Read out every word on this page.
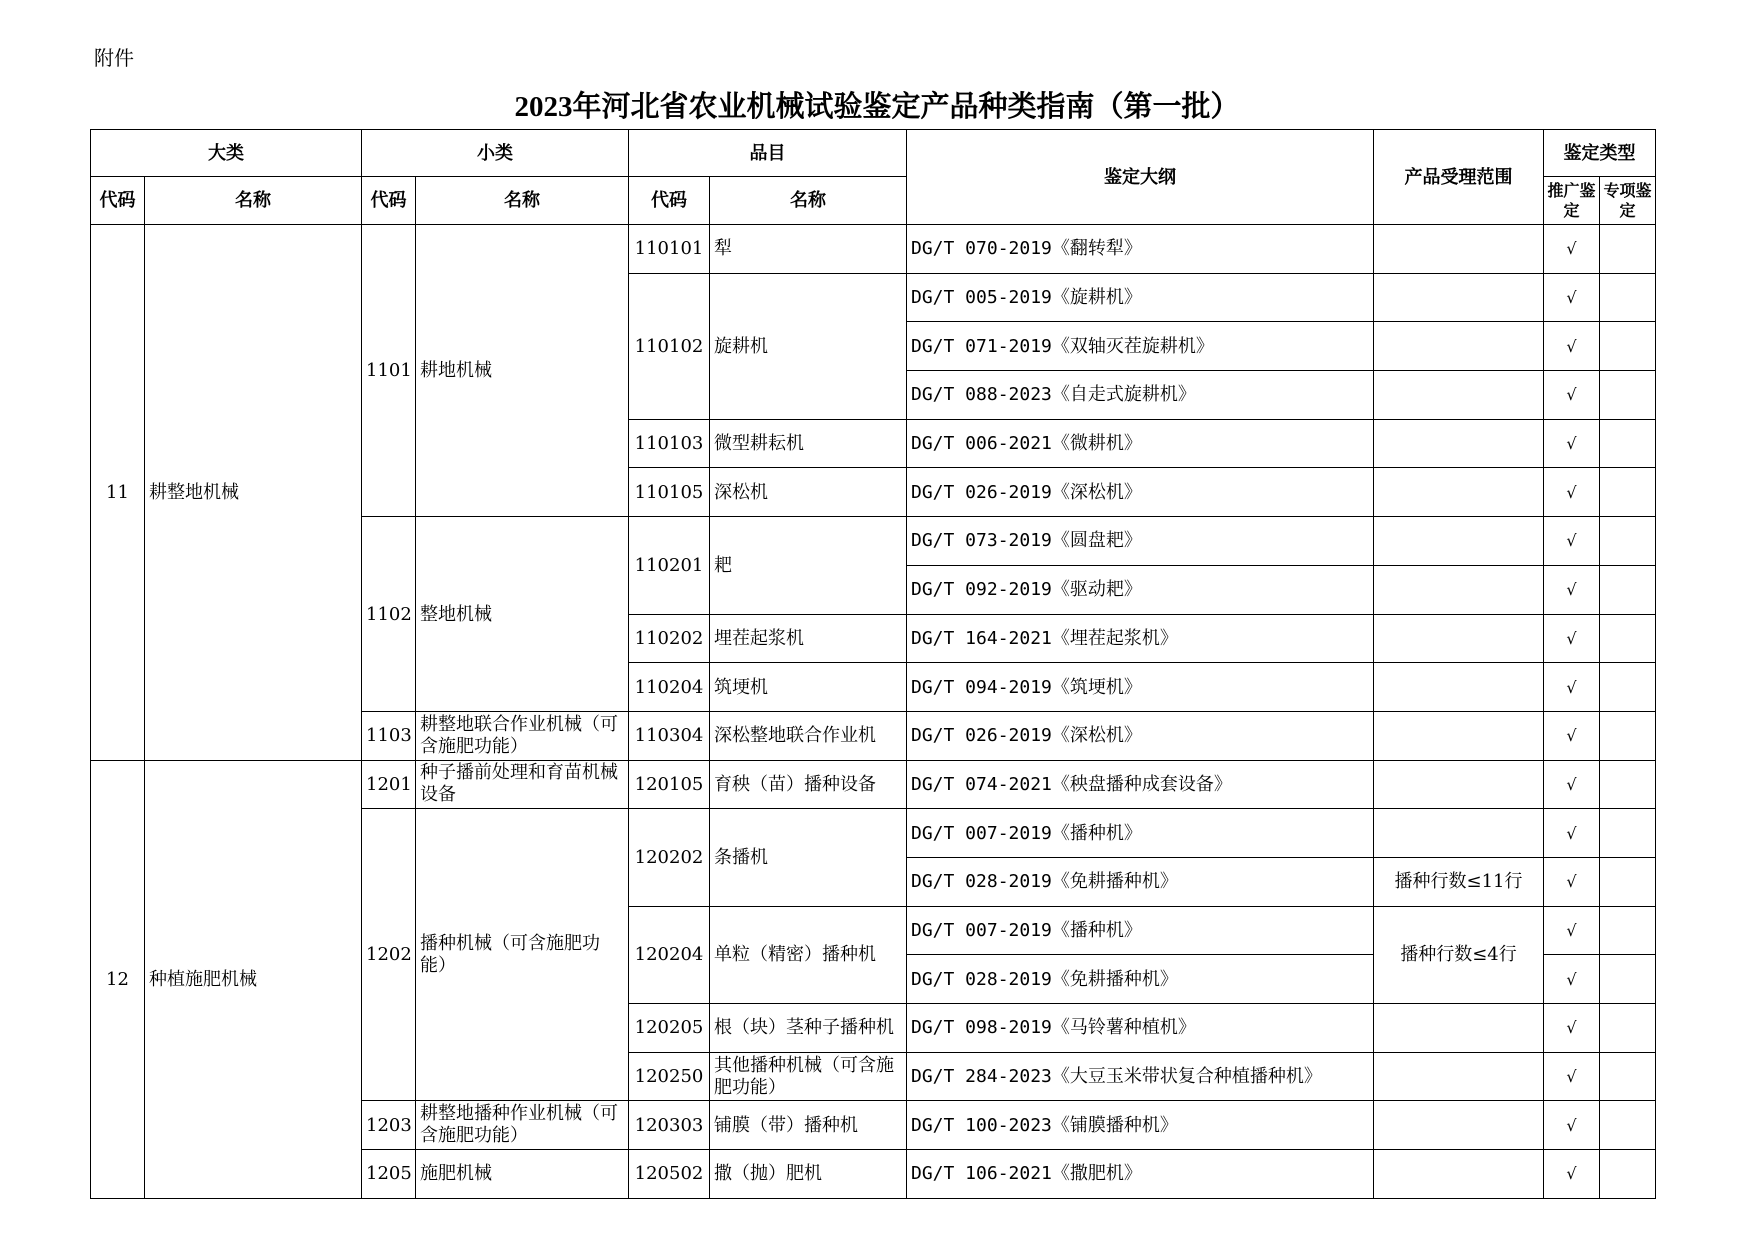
附件
2023年河北省农业机械试验鉴定产品种类指南（第一批）
大类		小类		品目		鉴定大纲	产品受理范围	鉴定类型	
代码	名称	代码	名称	代码	名称			推广鉴定	专项鉴定
11	耕整地机械	1101	耕地机械	110101	犁	DG/T 070-2019《翻转犁》		√	
				110102	旋耕机	DG/T 005-2019《旋耕机》		√	
						DG/T 071-2019《双轴灭茬旋耕机》		√	
						DG/T 088-2023《自走式旋耕机》		√	
				110103	微型耕耘机	DG/T 006-2021《微耕机》		√	
				110105	深松机	DG/T 026-2019《深松机》		√	
		1102	整地机械	110201	耙	DG/T 073-2019《圆盘耙》		√	
						DG/T 092-2019《驱动耙》		√	
				110202	埋茬起浆机	DG/T 164-2021《埋茬起浆机》		√	
				110204	筑埂机	DG/T 094-2019《筑埂机》		√	
		1103	耕整地联合作业机械（可含施肥功能）	110304	深松整地联合作业机	DG/T 026-2019《深松机》		√	
12	种植施肥机械	1201	种子播前处理和育苗机械设备	120105	育秧（苗）播种设备	DG/T 074-2021《秧盘播种成套设备》		√	
		1202	播种机械（可含施肥功能）	120202	条播机	DG/T 007-2019《播种机》		√	
						DG/T 028-2019《免耕播种机》	播种行数≤11行	√	
				120204	单粒（精密）播种机	DG/T 007-2019《播种机》	播种行数≤4行	√	
						DG/T 028-2019《免耕播种机》		√	
				120205	根（块）茎种子播种机	DG/T 098-2019《马铃薯种植机》		√	
				120250	其他播种机械（可含施肥功能）	DG/T 284-2023《大豆玉米带状复合种植播种机》		√	
		1203	耕整地播种作业机械（可含施肥功能）	120303	铺膜（带）播种机	DG/T 100-2023《铺膜播种机》		√	
		1205	施肥机械	120502	撒（抛）肥机	DG/T 106-2021《撒肥机》		√	
